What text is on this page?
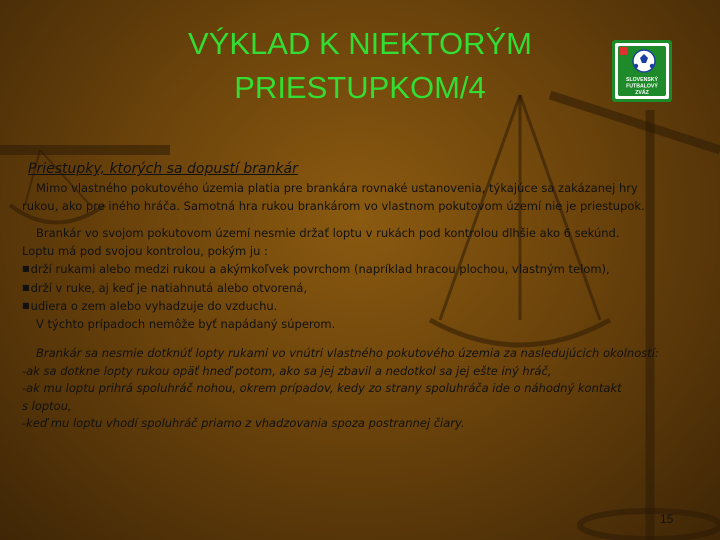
VÝKLAD K NIEKTORÝM
PRIESTUPKOM/4	SLOVENSKÝ
FUTBALOVÝ
ZVÄZ
Priestupky, ktorých sa dopustí brankár
Mimo vlastného pokutového územia platia pre brankára rovnaké ustanovenia, týkajúce sa zakázanej hry
rukou, ako pre iného hráča. Samotná hra rukou brankárom vo vlastnom pokutovom území nie je priestupok.
Brankár vo svojom pokutovom území nesmie držať loptu v rukách pod kontrolou dlhšie ako 6 sekúnd.
Loptu má pod svojou kontrolou, pokým ju :
■drží rukami alebo medzi rukou a akýmkoľvek povrchom (napríklad hracou plochou, vlastným telom),
■drží v ruke, aj keď je natiahnutá alebo otvorená,
■udiera o zem alebo vyhadzuje do vzduchu.
V týchto prípadoch nemôže byť napádaný súperom.
Brankár sa nesmie dotknúť lopty rukami vo vnútri vlastného pokutového územia za nasledujúcich okolností:
-ak sa dotkne lopty rukou opäť hneď potom, ako sa jej zbavil a nedotkol sa jej ešte iný hráč,
-ak mu loptu prihrá spoluhráč nohou, okrem prípadov, kedy zo strany spoluhráča ide o náhodný kontakt
s loptou,
-keď mu loptu vhodí spoluhráč priamo z vhadzovania spoza postrannej čiary.
15
